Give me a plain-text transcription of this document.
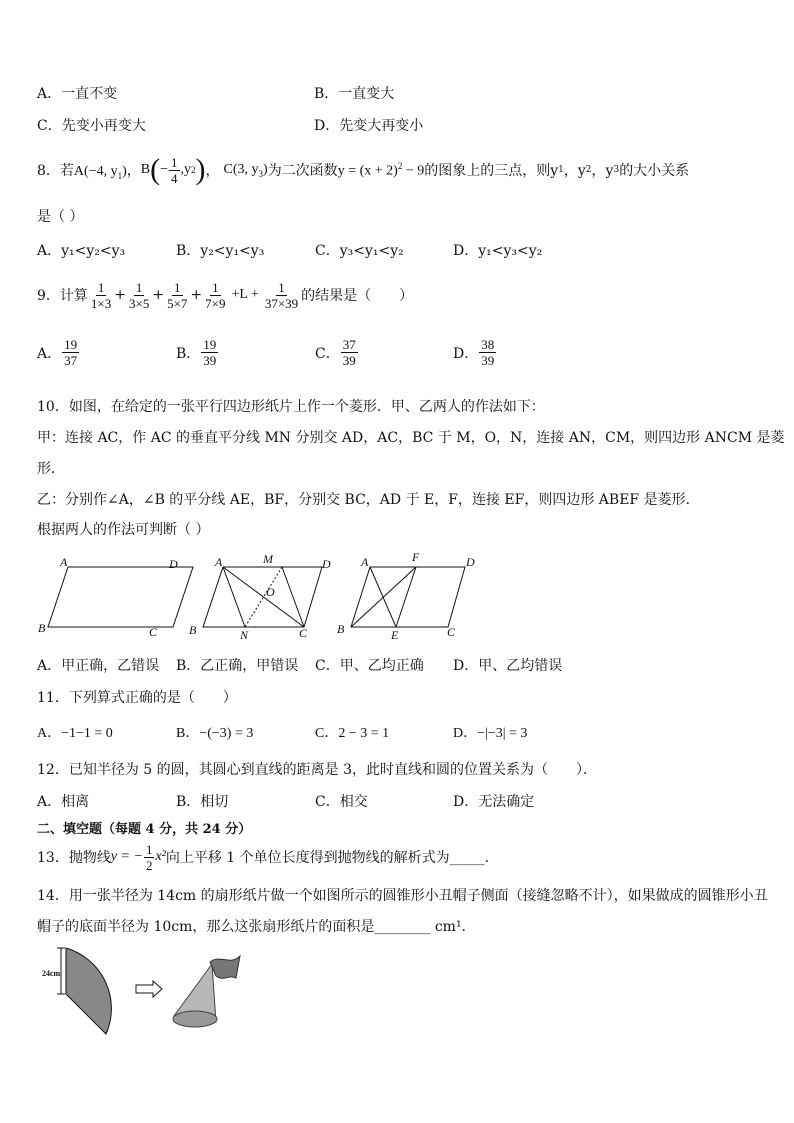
A．一直不变	B．一直变大
C．先变小再变大	D．先变大再变小
8．若 A(−4, $y_1$)， B ( − $\frac{1}{4}$ , y 2 ) ， C(3, $y_3$) 为二次函数 $y = (x + 2)^2 - 9$ 的图象上的三点，则y 1 ，y 2 ，y 3 的大小关系
是（ ）
A．y₁<y₂<y₃	B．y₂<y₁<y₃	C．y₃<y₁<y₂	D．y₁<y₃<y₂
9．计算 $\frac{1}{1\times 3} + \frac{1}{3\times 5} + \frac{1}{5\times 7} + \frac{1}{7\times 9} +L + \frac{1}{37\times 39}$ 的结果是（　　）
A． $\frac{19}{37}$	B． $\frac{19}{39}$	C． $\frac{37}{39}$	D． $\frac{38}{39}$
10．如图，在给定的一张平行四边形纸片上作一个菱形．甲、乙两人的作法如下：
甲：连接 AC，作 AC 的垂直平分线 MN 分别交 AD，AC，BC 于 M，O，N，连接 AN，CM，则四边形 ANCM 是菱
形．
乙：分别作∠A，∠B 的平分线 AE，BF，分别交 BC，AD 于 E，F，连接 EF，则四边形 ABEF 是菱形．
根据两人的作法可判断（ ）
A	D
B	C
A	D
B	C
M
N
O
A	D
B	C
F
E
A．甲正确，乙错误 B．乙正确，甲错误 C．甲、乙均正确 D．甲、乙均错误
11．下列算式正确的是（　　）
A．−1−1 = 0	B．−(−3) = 3	C．2 − 3 = 1	D．−|−3| = 3
12．已知半径为 5 的圆，其圆心到直线的距离是 3，此时直线和圆的位置关系为（　　）．
A．相离	B．相切	C．相交	D．无法确定
二、填空题（每题 4 分，共 24 分）
13．抛物线 y = − $\frac{1}{2} x^2$ 向上平移 1 个单位长度得到抛物线的解析式为_____．
14．用一张半径为 14cm 的扇形纸片做一个如图所示的圆锥形小丑帽子侧面（接缝忽略不计），如果做成的圆锥形小丑
帽子的底面半径为 10cm，那么这张扇形纸片的面积是________ cm¹．
24cm
